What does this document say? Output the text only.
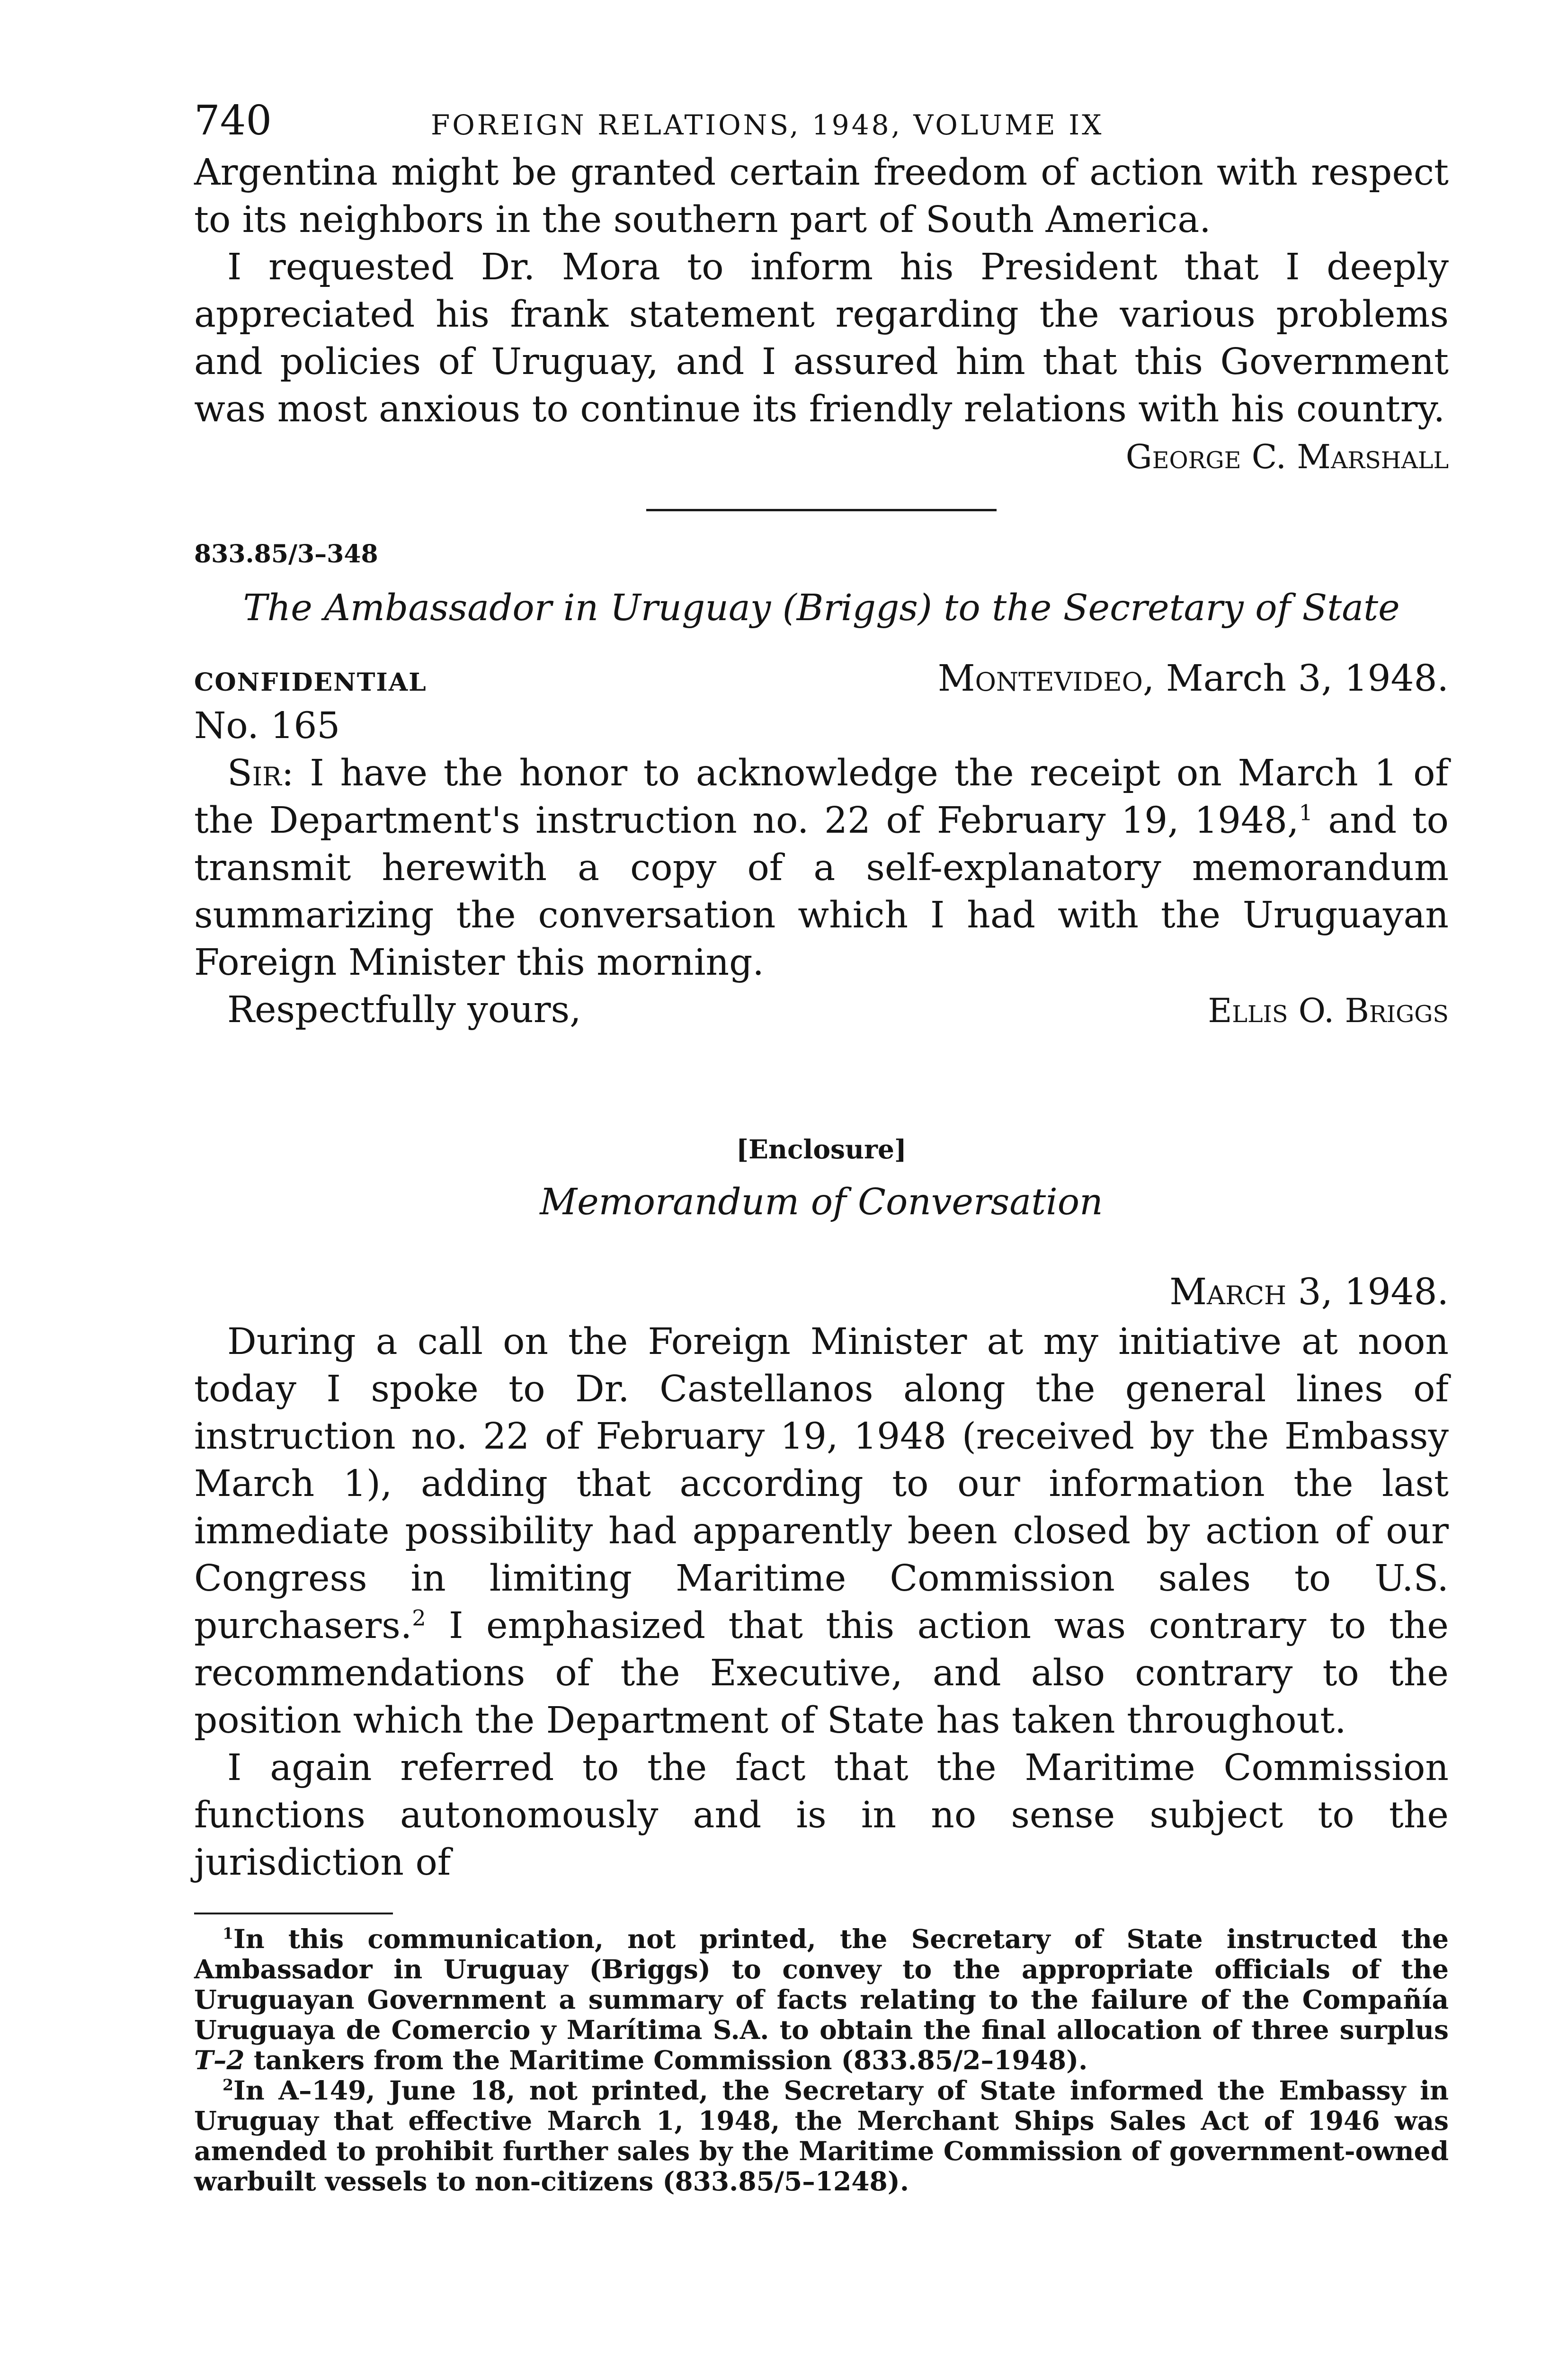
740	FOREIGN RELATIONS, 1948, VOLUME IX

Argentina might be granted certain freedom of action with respect to its neighbors in the southern part of South America.

I requested Dr. Mora to inform his President that I deeply appreciated his frank statement regarding the various problems and policies of Uruguay, and I assured him that this Government was most anxious to continue its friendly relations with his country.

George C. Marshall
833.85/3–348
The Ambassador in Uruguay (Briggs) to the Secretary of State
CONFIDENTIAL	Montevideo, March 3, 1948.
No. 165

Sir: I have the honor to acknowledge the receipt on March 1 of the Department's instruction no. 22 of February 19, 1948,$^1$ and to transmit herewith a copy of a self-explanatory memorandum summarizing the conversation which I had with the Uruguayan Foreign Minister this morning.

Respectfully yours,	Ellis O. Briggs
[Enclosure]
Memorandum of Conversation
March 3, 1948.

During a call on the Foreign Minister at my initiative at noon today I spoke to Dr. Castellanos along the general lines of instruction no. 22 of February 19, 1948 (received by the Embassy March 1), adding that according to our information the last immediate possibility had apparently been closed by action of our Congress in limiting Maritime Commission sales to U.S. purchasers.$^2$ I emphasized that this action was contrary to the recommendations of the Executive, and also contrary to the position which the Department of State has taken throughout.

I again referred to the fact that the Maritime Commission functions autonomously and is in no sense subject to the jurisdiction of

$^1$In this communication, not printed, the Secretary of State instructed the Ambassador in Uruguay (Briggs) to convey to the appropriate officials of the Uruguayan Government a summary of facts relating to the failure of the Compañía Uruguaya de Comercio y Marítima S.A. to obtain the final allocation of three surplus T–2 tankers from the Maritime Commission (833.85/2–1948).

$^2$In A–149, June 18, not printed, the Secretary of State informed the Embassy in Uruguay that effective March 1, 1948, the Merchant Ships Sales Act of 1946 was amended to prohibit further sales by the Maritime Commission of government-owned warbuilt vessels to non-citizens (833.85/5–1248).
